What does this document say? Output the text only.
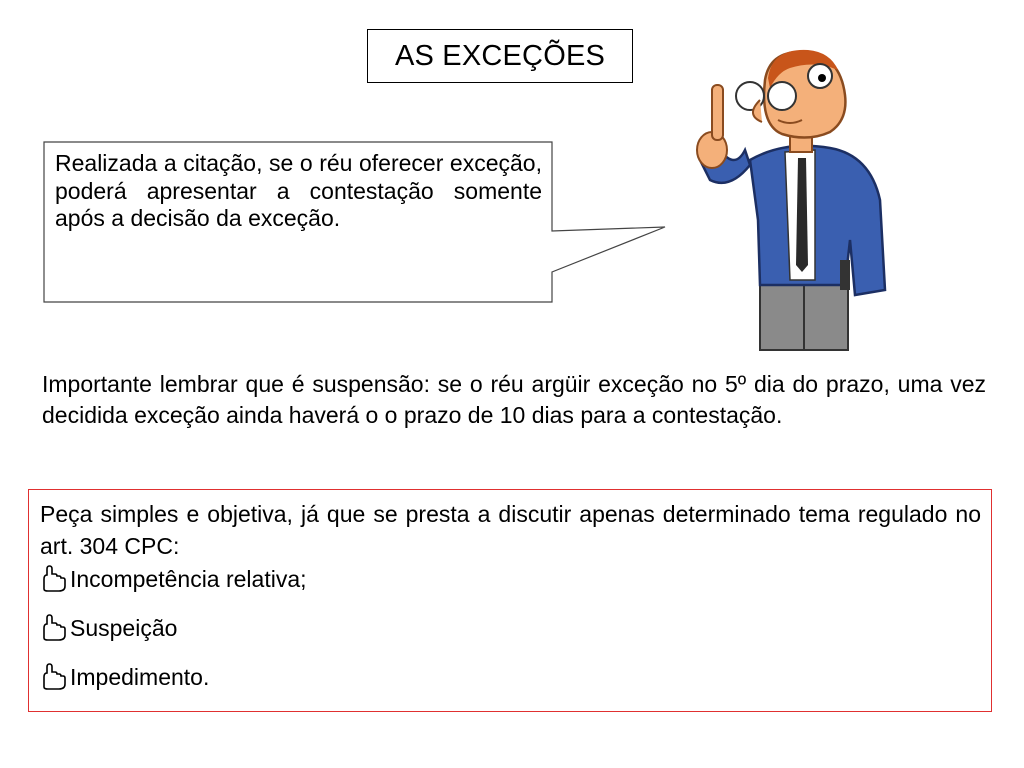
AS EXCEÇÕES
Realizada a citação, se o réu oferecer exceção, poderá apresentar a contestação somente após a decisão da exceção.
Importante lembrar que é suspensão: se o réu argüir exceção no 5º dia do prazo, uma vez decidida exceção ainda haverá o o prazo de 10 dias para a contestação.
Peça simples e objetiva, já que se presta a discutir apenas determinado tema regulado no art. 304 CPC:
Incompetência relativa;
Suspeição
Impedimento.
